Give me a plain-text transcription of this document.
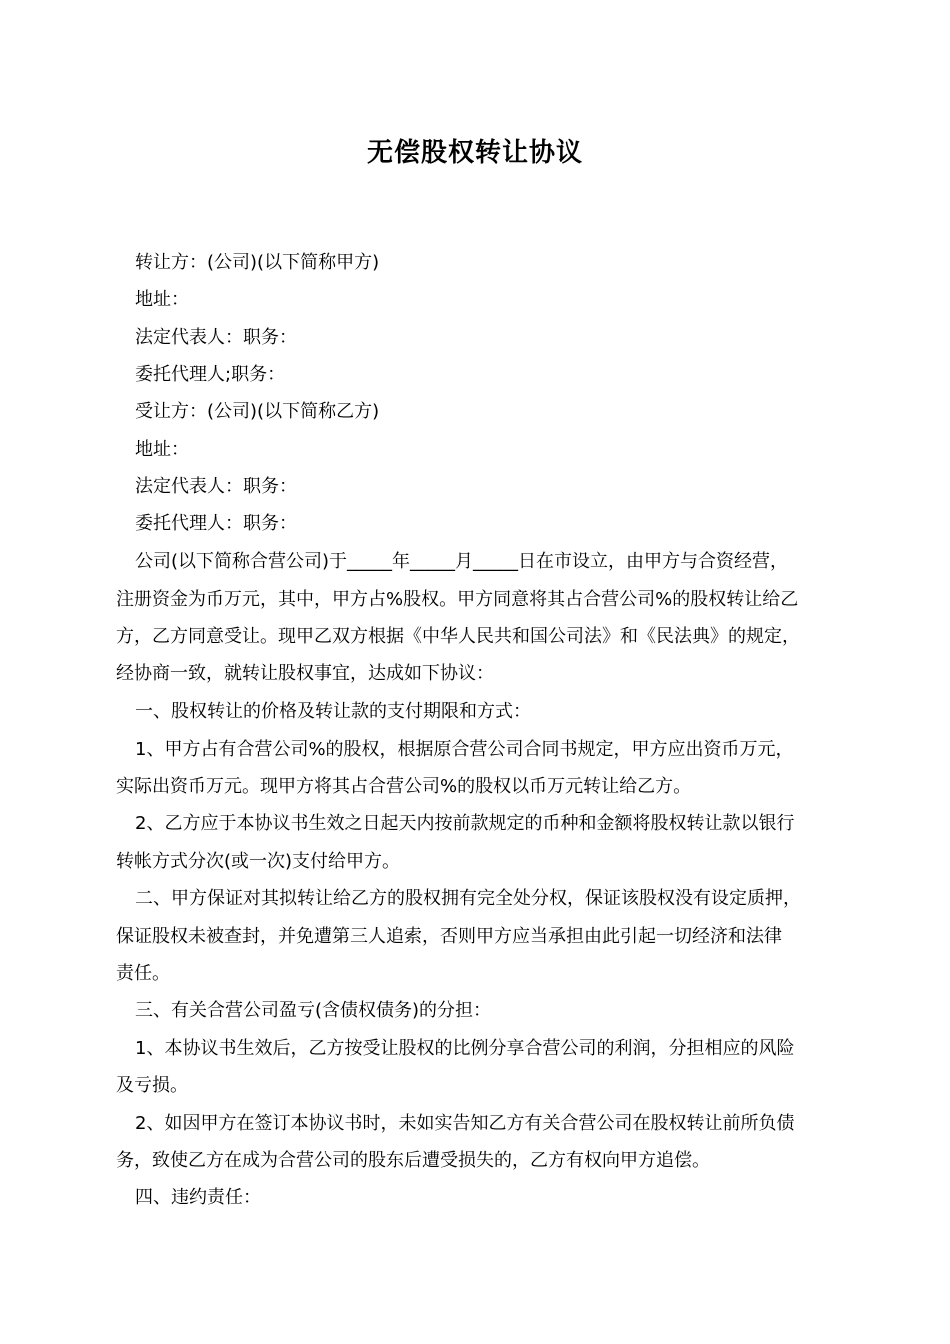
无偿股权转让协议
转让方：(公司)(以下简称甲方)
地址：
法定代表人：职务：
委托代理人;职务：
受让方：(公司)(以下简称乙方)
地址：
法定代表人：职务：
委托代理人：职务：
公司(以下简称合营公司)于_____年_____月_____日在市设立，由甲方与合资经营，
注册资金为币万元，其中，甲方占%股权。甲方同意将其占合营公司%的股权转让给乙
方，乙方同意受让。现甲乙双方根据《中华人民共和国公司法》和《民法典》的规定，
经协商一致，就转让股权事宜，达成如下协议：
一、股权转让的价格及转让款的支付期限和方式：
1、甲方占有合营公司%的股权，根据原合营公司合同书规定，甲方应出资币万元，
实际出资币万元。现甲方将其占合营公司%的股权以币万元转让给乙方。
2、乙方应于本协议书生效之日起天内按前款规定的币种和金额将股权转让款以银行
转帐方式分次(或一次)支付给甲方。
二、甲方保证对其拟转让给乙方的股权拥有完全处分权，保证该股权没有设定质押，
保证股权未被查封，并免遭第三人追索，否则甲方应当承担由此引起一切经济和法律
责任。
三、有关合营公司盈亏(含债权债务)的分担：
1、本协议书生效后，乙方按受让股权的比例分享合营公司的利润，分担相应的风险
及亏损。
2、如因甲方在签订本协议书时，未如实告知乙方有关合营公司在股权转让前所负债
务，致使乙方在成为合营公司的股东后遭受损失的，乙方有权向甲方追偿。
四、违约责任：
